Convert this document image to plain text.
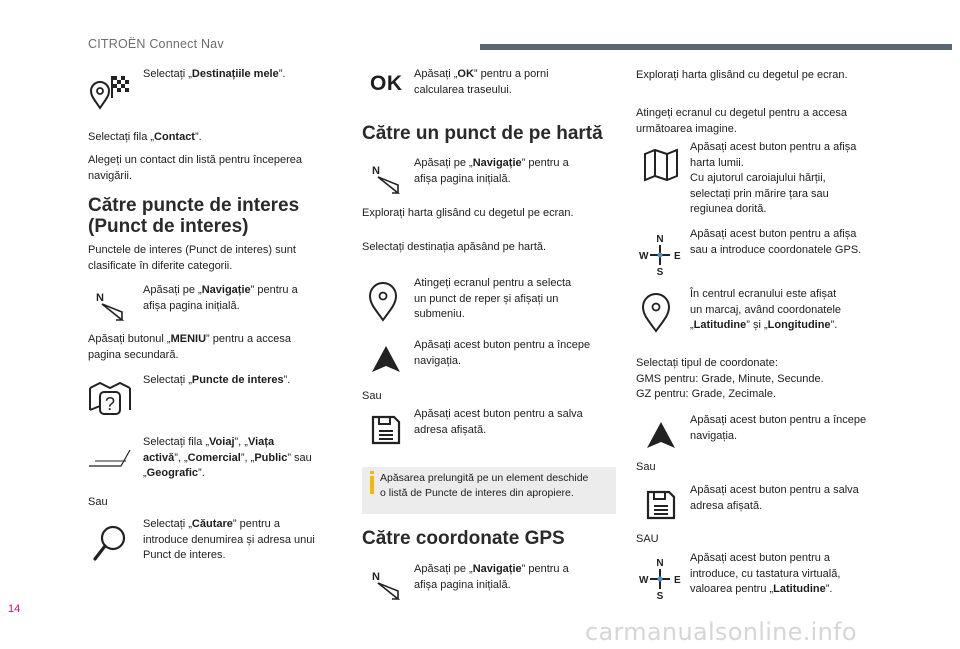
CITROËN Connect Nav
14
carmanualsonline.info
Selectați „Destinațiile mele”.
Selectați fila „Contact”.
Alegeți un contact din listă pentru începerea
navigării.
Către puncte de interes
(Punct de interes)
Punctele de interes (Punct de interes) sunt
clasificate în diferite categorii.
N
Apăsați pe „Navigație” pentru a
afișa pagina inițială.
Apăsați butonul „MENIU” pentru a accesa
pagina secundară.
?
Selectați „Puncte de interes”.
Selectați fila „Voiaj”, „Viața
activă”, „Comercial”, „Public” sau
„Geografic”.
Sau
Selectați „Căutare” pentru a
introduce denumirea și adresa unui
Punct de interes.
OK Apăsați „OK” pentru a porni
calcularea traseului.
Către un punct de pe hartă
N
Apăsați pe „Navigație” pentru a
afișa pagina inițială.
Explorați harta glisând cu degetul pe ecran.
Selectați destinația apăsând pe hartă.
Atingeți ecranul pentru a selecta
un punct de reper și afișați un
submeniu.
Apăsați acest buton pentru a începe
navigația.
Sau
Apăsați acest buton pentru a salva
adresa afișată.
Apăsarea prelungită pe un element deschide
o listă de Puncte de interes din apropiere.
Către coordonate GPS
N
Apăsați pe „Navigație” pentru a
afișa pagina inițială.
Explorați harta glisând cu degetul pe ecran.
Atingeți ecranul cu degetul pentru a accesa
următoarea imagine.
Apăsați acest buton pentru a afișa
harta lumii.
Cu ajutorul caroiajului hărții,
selectați prin mărire țara sau
regiunea dorită.
N
S
W	E
Apăsați acest buton pentru a afișa
sau a introduce coordonatele GPS.
În centrul ecranului este afișat
un marcaj, având coordonatele
„Latitudine” și „Longitudine”.
Selectați tipul de coordonate:
GMS pentru: Grade, Minute, Secunde.
GZ pentru: Grade, Zecimale.
Apăsați acest buton pentru a începe
navigația.
Sau
Apăsați acest buton pentru a salva
adresa afișată.
SAU
N
S
W	E
Apăsați acest buton pentru a
introduce, cu tastatura virtuală,
valoarea pentru „Latitudine”.
